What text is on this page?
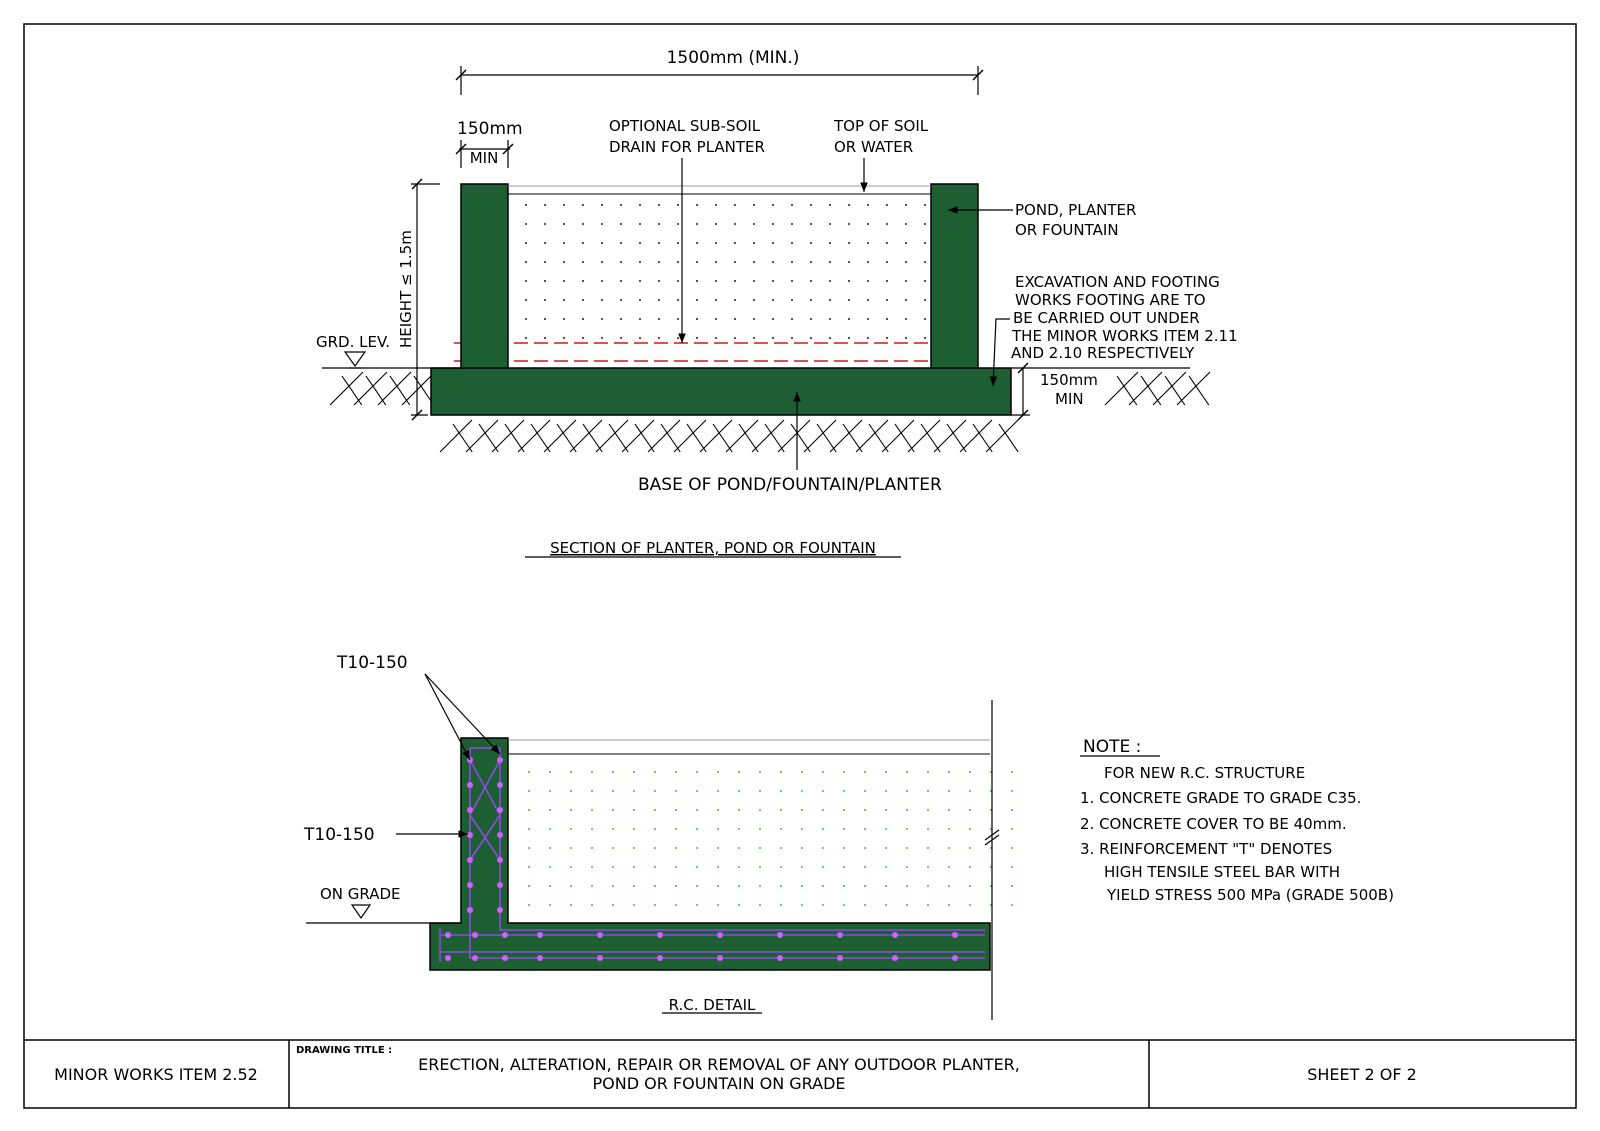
1500mm (MIN.)
150mm
MIN
OPTIONAL SUB-SOIL
DRAIN FOR PLANTER
TOP OF SOIL
OR WATER
POND, PLANTER
OR FOUNTAIN
EXCAVATION AND FOOTING
WORKS FOOTING ARE TO
BE CARRIED OUT UNDER
THE MINOR WORKS ITEM 2.11
AND 2.10 RESPECTIVELY
HEIGHT ≤ 1.5m
GRD. LEV.
150mm
MIN
BASE OF POND/FOUNTAIN/PLANTER
SECTION OF PLANTER, POND OR FOUNTAIN
T10-150
T10-150
ON GRADE
R.C. DETAIL
NOTE :
FOR NEW R.C. STRUCTURE
1. CONCRETE GRADE TO GRADE C35.
2. CONCRETE COVER TO BE 40mm.
3. REINFORCEMENT "T" DENOTES
HIGH TENSILE STEEL BAR WITH
YIELD STRESS 500 MPa (GRADE 500B)
MINOR WORKS ITEM 2.52
DRAWING TITLE :
ERECTION, ALTERATION, REPAIR OR REMOVAL OF ANY OUTDOOR PLANTER,
POND OR FOUNTAIN ON GRADE	SHEET 2 OF 2
